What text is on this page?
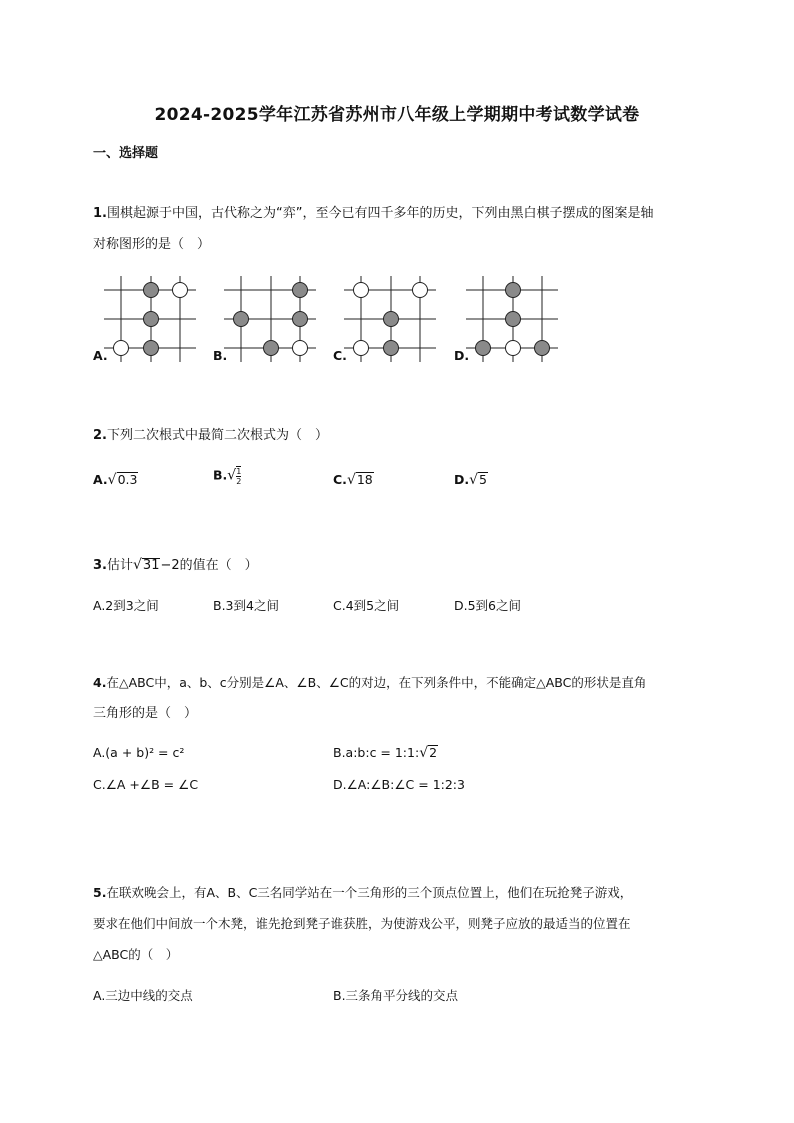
2024-2025学年江苏省苏州市八年级上学期期中考试数学试卷
一、选择题
1.围棋起源于中国，古代称之为“弈”，至今已有四千多年的历史，下列由黑白棋子摆成的图案是轴
对称图形的是（　）
A.	B.	C.	D.
2.下列二次根式中最简二次根式为（　）
A.√0.3	$B.√ \frac{1}{2}$	C.√18	D.√5
3.估计√31−2的值在（　）
A.2到3之间	B.3到4之间	C.4到5之间	D.5到6之间
4.在△ABC中，a、b、c分别是∠A、∠B、∠C的对边，在下列条件中，不能确定△ABC的形状是直角
三角形的是（　）
A.(a + b)² = c²	B.a:b:c = 1:1:√2
C.∠A +∠B = ∠C	D.∠A:∠B:∠C = 1:2:3
5.在联欢晚会上，有A、B、C三名同学站在一个三角形的三个顶点位置上，他们在玩抢凳子游戏，
要求在他们中间放一个木凳，谁先抢到凳子谁获胜，为使游戏公平，则凳子应放的最适当的位置在
△ABC的（　）
A.三边中线的交点	B.三条角平分线的交点
